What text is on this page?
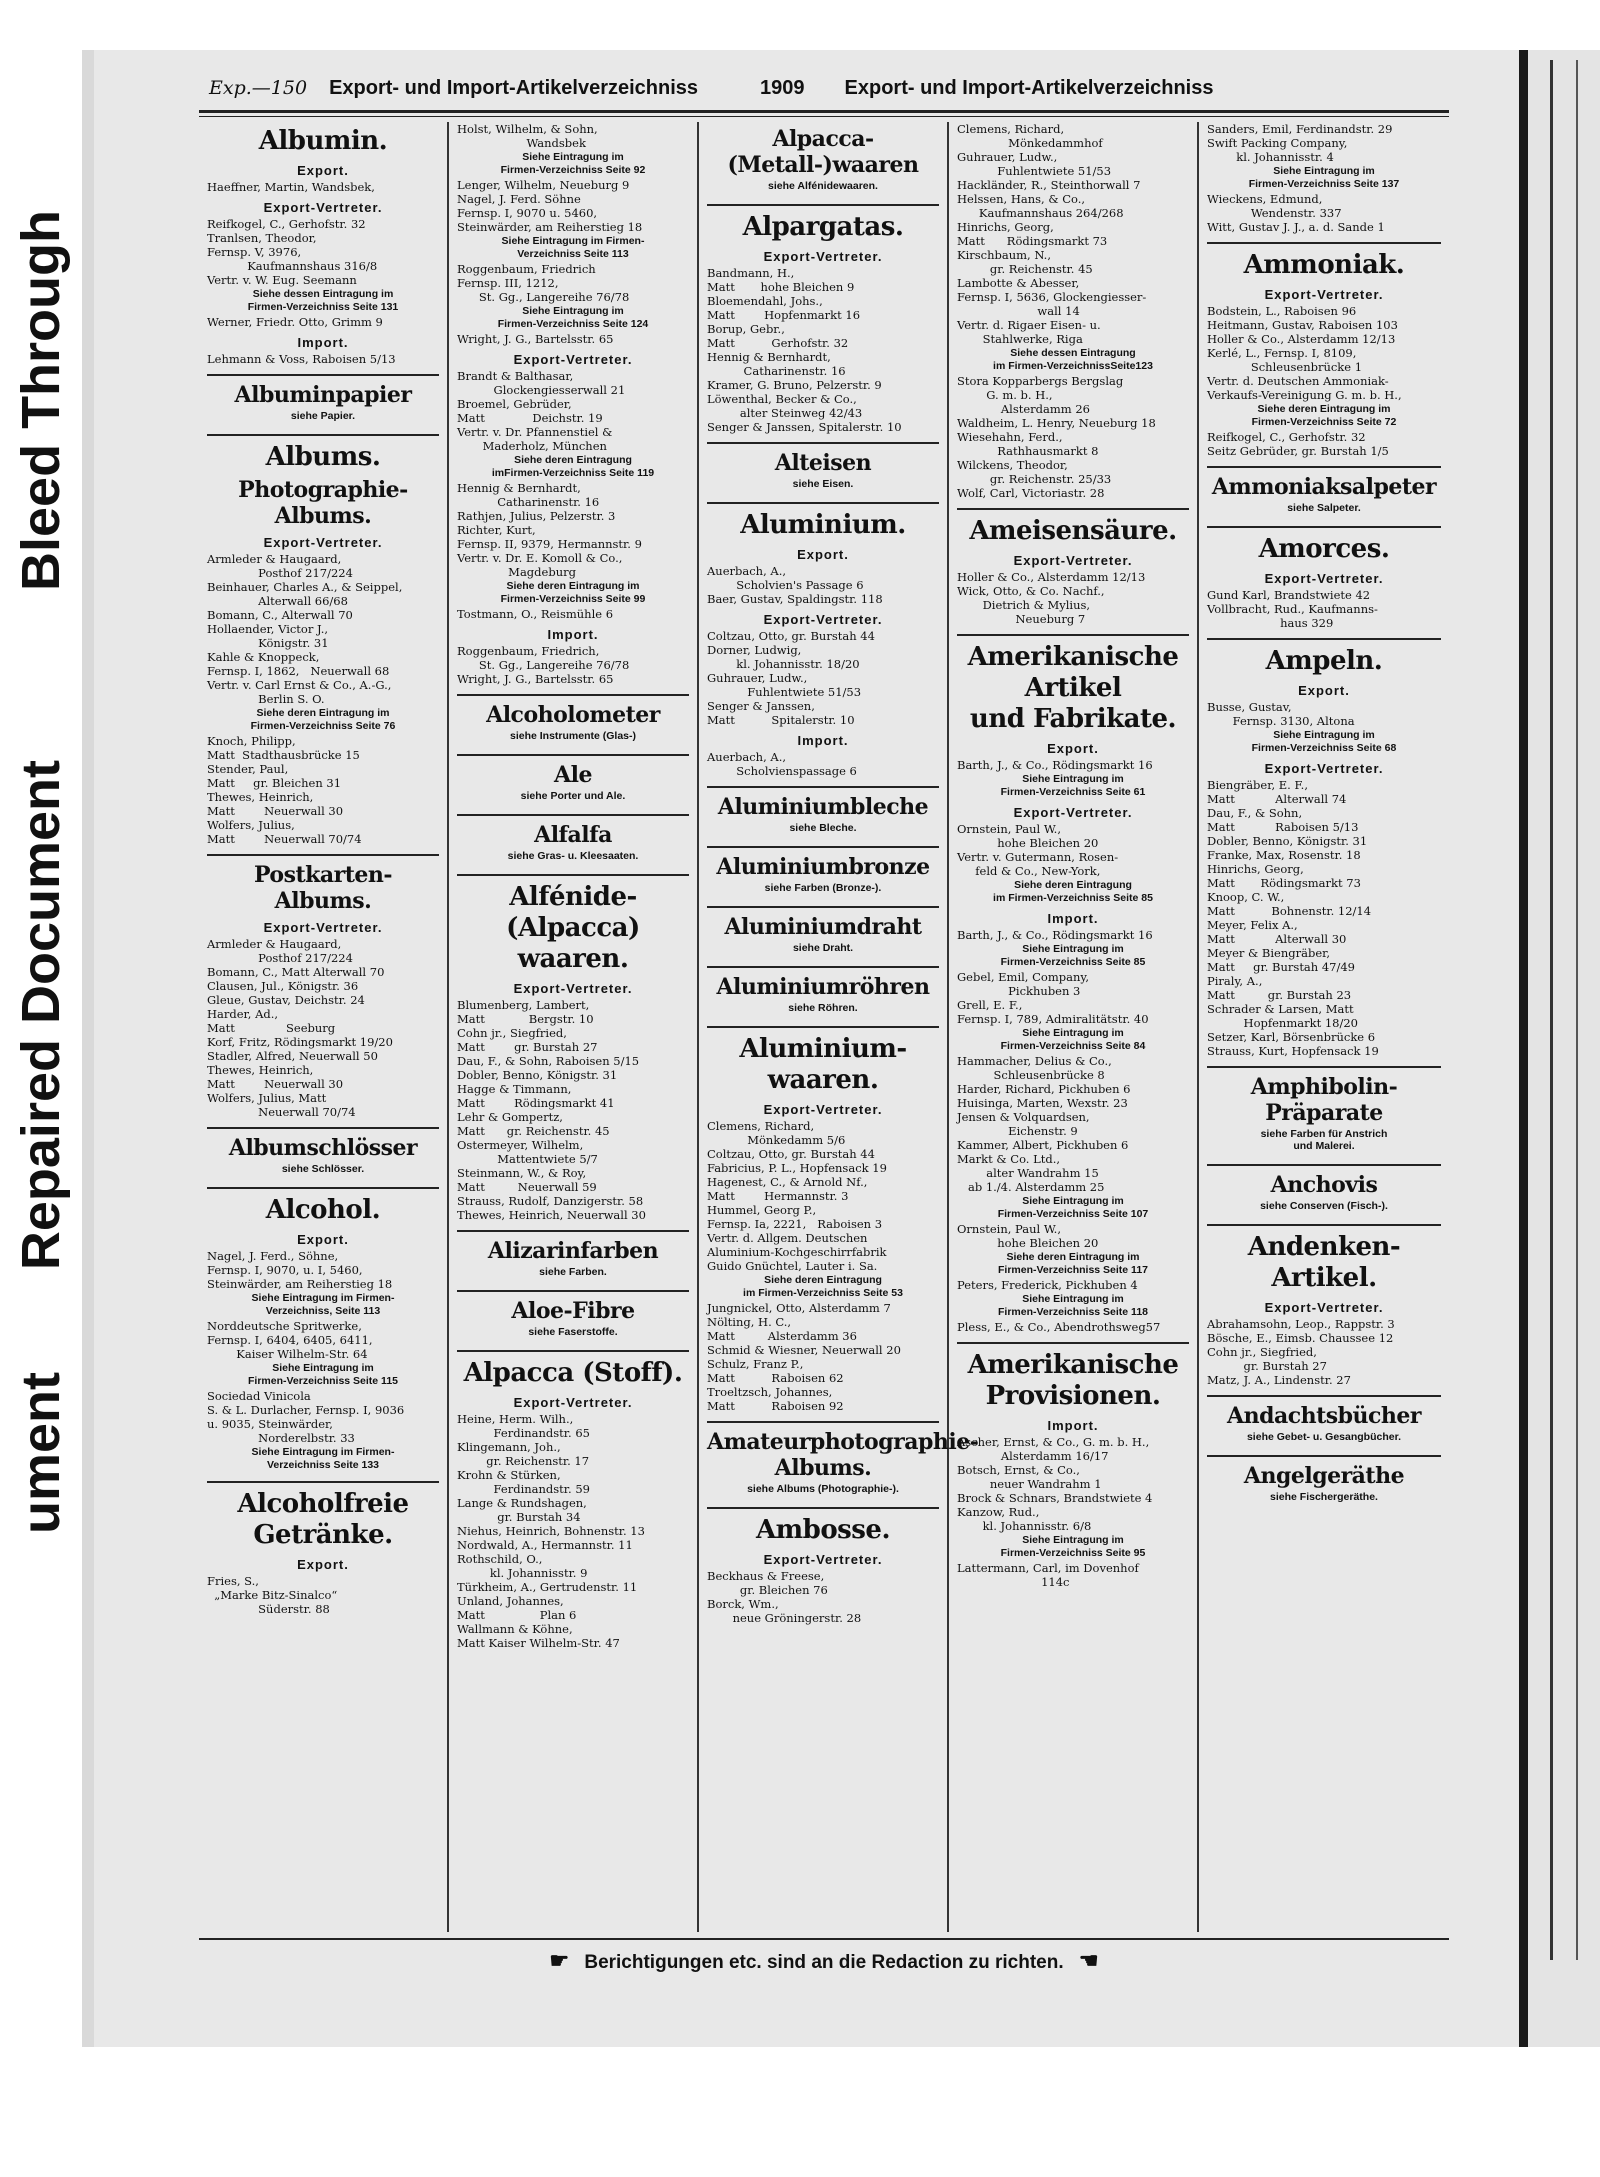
Bleed Through
Repaired Document
ument
Exp.—150 Export- und Import-Artikelverzeichniss	1909 Export- und Import-Artikelverzeichniss
Albumin.
Export.
Haeffner, Martin, Wandsbek,
Export-Vertreter.
Reifkogel, C., Gerhofstr. 32
Tranlsen, Theodor,
Fernsp. V, 3976,
Kaufmannshaus 316/8
Vertr. v. W. Eug. Seemann
Siehe dessen Eintragung im
Firmen-Verzeichniss Seite 131
Werner, Friedr. Otto, Grimm 9
Import.
Lehmann & Voss, Raboisen 5/13
Albuminpapier
siehe Papier.
Albums.
Photographie-Albums.
Export-Vertreter.
Armleder & Haugaard,
Posthof 217/224
Beinhauer, Charles A., & Seippel,
Alterwall 66/68
Bomann, C., Alterwall 70
Hollaender, Victor J.,
Königstr. 31
Kahle & Knoppeck,
Fernsp. I, 1862,   Neuerwall 68
Vertr. v. Carl Ernst & Co., A.-G.,
Berlin S. O.
Siehe deren Eintragung im
Firmen-Verzeichniss Seite 76
Knoch, Philipp,
Matt  Stadthausbrücke 15
Stender, Paul,
Matt     gr. Bleichen 31
Thewes, Heinrich,
Matt        Neuerwall 30
Wolfers, Julius,
Matt        Neuerwall 70/74
Postkarten-Albums.
Export-Vertreter.
Armleder & Haugaard,
Posthof 217/224
Bomann, C., Matt Alterwall 70
Clausen, Jul., Königstr. 36
Gleue, Gustav, Deichstr. 24
Harder, Ad.,
Matt              Seeburg
Korf, Fritz, Rödingsmarkt 19/20
Stadler, Alfred, Neuerwall 50
Thewes, Heinrich,
Matt        Neuerwall 30
Wolfers, Julius, Matt
Neuerwall 70/74
Albumschlösser
siehe Schlösser.
Alcohol.
Export.
Nagel, J. Ferd., Söhne,
Fernsp. I, 9070, u. I, 5460,
Steinwärder, am Reiherstieg 18
Siehe Eintragung im Firmen-
Verzeichniss, Seite 113
Norddeutsche Spritwerke,
Fernsp. I, 6404, 6405, 6411,
Kaiser Wilhelm-Str. 64
Siehe Eintragung im
Firmen-Verzeichniss Seite 115
Sociedad Vinicola
S. & L. Durlacher, Fernsp. I, 9036
u. 9035, Steinwärder,
Norderelbstr. 33
Siehe Eintragung im Firmen-
Verzeichniss Seite 133
Alcoholfreie
Getränke.
Export.
Fries, S.,
„Marke Bitz-Sinalco“
Süderstr. 88
Holst, Wilhelm, & Sohn,
Wandsbek
Siehe Eintragung im
Firmen-Verzeichniss Seite 92
Lenger, Wilhelm, Neueburg 9
Nagel, J. Ferd. Söhne
Fernsp. I, 9070 u. 5460,
Steinwärder, am Reiherstieg 18
Siehe Eintragung im Firmen-
Verzeichniss Seite 113
Roggenbaum, Friedrich
Fernsp. III, 1212,
St. Gg., Langereihe 76/78
Siehe Eintragung im
Firmen-Verzeichniss Seite 124
Wright, J. G., Bartelsstr. 65
Export-Vertreter.
Brandt & Balthasar,
Glockengiesserwall 21
Broemel, Gebrüder,
Matt             Deichstr. 19
Vertr. v. Dr. Pfannenstiel &
Maderholz, München
Siehe deren Eintragung
imFirmen-Verzeichniss Seite 119
Hennig & Bernhardt,
Catharinenstr. 16
Rathjen, Julius, Pelzerstr. 3
Richter, Kurt,
Fernsp. II, 9379, Hermannstr. 9
Vertr. v. Dr. E. Komoll & Co.,
Magdeburg
Siehe deren Eintragung im
Firmen-Verzeichniss Seite 99
Tostmann, O., Reismühle 6
Import.
Roggenbaum, Friedrich,
St. Gg., Langereihe 76/78
Wright, J. G., Bartelsstr. 65
Alcoholometer
siehe Instrumente (Glas-)
Ale
siehe Porter und Ale.
Alfalfa
siehe Gras- u. Kleesaaten.
Alfénide- (Alpacca)
waaren.
Export-Vertreter.
Blumenberg, Lambert,
Matt            Bergstr. 10
Cohn jr., Siegfried,
Matt        gr. Burstah 27
Dau, F., & Sohn, Raboisen 5/15
Dobler, Benno, Königstr. 31
Hagge & Timmann,
Matt        Rödingsmarkt 41
Lehr & Gompertz,
Matt      gr. Reichenstr. 45
Ostermeyer, Wilhelm,
Mattentwiete 5/7
Steinmann, W., & Roy,
Matt         Neuerwall 59
Strauss, Rudolf, Danzigerstr. 58
Thewes, Heinrich, Neuerwall 30
Alizarinfarben
siehe Farben.
Aloe-Fibre
siehe Faserstoffe.
Alpacca (Stoff).
Export-Vertreter.
Heine, Herm. Wilh.,
Ferdinandstr. 65
Klingemann, Joh.,
gr. Reichenstr. 17
Krohn & Stürken,
Ferdinandstr. 59
Lange & Rundshagen,
gr. Burstah 34
Niehus, Heinrich, Bohnenstr. 13
Nordwald, A., Hermannstr. 11
Rothschild, O.,
kl. Johannisstr. 9
Türkheim, A., Gertrudenstr. 11
Unland, Johannes,
Matt               Plan 6
Wallmann & Köhne,
Matt Kaiser Wilhelm-Str. 47
Alpacca-
(Metall-)waaren
siehe Alfénidewaaren.
Alpargatas.
Export-Vertreter.
Bandmann, H.,
Matt       hohe Bleichen 9
Bloemendahl, Johs.,
Matt        Hopfenmarkt 16
Borup, Gebr.,
Matt          Gerhofstr. 32
Hennig & Bernhardt,
Catharinenstr. 16
Kramer, G. Bruno, Pelzerstr. 9
Löwenthal, Becker & Co.,
alter Steinweg 42/43
Senger & Janssen, Spitalerstr. 10
Alteisen
siehe Eisen.
Aluminium.
Export.
Auerbach, A.,
Scholvien's Passage 6
Baer, Gustav, Spaldingstr. 118
Export-Vertreter.
Coltzau, Otto, gr. Burstah 44
Dorner, Ludwig,
kl. Johannisstr. 18/20
Guhrauer, Ludw.,
Fuhlentwiete 51/53
Senger & Janssen,
Matt          Spitalerstr. 10
Import.
Auerbach, A.,
Scholvienspassage 6
Aluminiumbleche
siehe Bleche.
Aluminiumbronze
siehe Farben (Bronze-).
Aluminiumdraht
siehe Draht.
Aluminiumröhren
siehe Röhren.
Aluminium-
waaren.
Export-Vertreter.
Clemens, Richard,
Mönkedamm 5/6
Coltzau, Otto, gr. Burstah 44
Fabricius, P. L., Hopfensack 19
Hagenest, C., & Arnold Nf.,
Matt        Hermannstr. 3
Hummel, Georg P.,
Fernsp. Ia, 2221,   Raboisen 3
Vertr. d. Allgem. Deutschen
Aluminium-Kochgeschirrfabrik
Guido Gnüchtel, Lauter i. Sa.
Siehe deren Eintragung
im Firmen-Verzeichniss Seite 53
Jungnickel, Otto, Alsterdamm 7
Nölting, H. C.,
Matt         Alsterdamm 36
Schmid & Wiesner, Neuerwall 20
Schulz, Franz P.,
Matt          Raboisen 62
Troeltzsch, Johannes,
Matt          Raboisen 92
Amateurphotographie-
Albums.
siehe Albums (Photographie-).
Ambosse.
Export-Vertreter.
Beckhaus & Freese,
gr. Bleichen 76
Borck, Wm.,
neue Gröningerstr. 28
Clemens, Richard,
Mönkedammhof
Guhrauer, Ludw.,
Fuhlentwiete 51/53
Hackländer, R., Steinthorwall 7
Helssen, Hans, & Co.,
Kaufmannshaus 264/268
Hinrichs, Georg,
Matt      Rödingsmarkt 73
Kirschbaum, N.,
gr. Reichenstr. 45
Lambotte & Abesser,
Fernsp. I, 5636, Glockengiesser-
wall 14
Vertr. d. Rigaer Eisen- u.
Stahlwerke, Riga
Siehe dessen Eintragung
im Firmen-VerzeichnissSeite123
Stora Kopparbergs Bergslag
G. m. b. H.,
Alsterdamm 26
Waldheim, L. Henry, Neueburg 18
Wiesehahn, Ferd.,
Rathhausmarkt 8
Wilckens, Theodor,
gr. Reichenstr. 25/33
Wolf, Carl, Victoriastr. 28
Ameisensäure.
Export-Vertreter.
Holler & Co., Alsterdamm 12/13
Wick, Otto, & Co. Nachf.,
Dietrich & Mylius,
Neueburg 7
Amerikanische
Artikel
und Fabrikate.
Export.
Barth, J., & Co., Rödingsmarkt 16
Siehe Eintragung im
Firmen-Verzeichniss Seite 61
Export-Vertreter.
Ornstein, Paul W.,
hohe Bleichen 20
Vertr. v. Gutermann, Rosen-
feld & Co., New-York,
Siehe deren Eintragung
im Firmen-Verzeichniss Seite 85
Import.
Barth, J., & Co., Rödingsmarkt 16
Siehe Eintragung im
Firmen-Verzeichniss Seite 85
Gebel, Emil, Company,
Pickhuben 3
Grell, E. F.,
Fernsp. I, 789, Admiralitätstr. 40
Siehe Eintragung im
Firmen-Verzeichniss Seite 84
Hammacher, Delius & Co.,
Schleusenbrücke 8
Harder, Richard, Pickhuben 6
Huisinga, Marten, Wexstr. 23
Jensen & Volquardsen,
Eichenstr. 9
Kammer, Albert, Pickhuben 6
Markt & Co. Ltd.,
alter Wandrahm 15
ab 1./4. Alsterdamm 25
Siehe Eintragung im
Firmen-Verzeichniss Seite 107
Ornstein, Paul W.,
hohe Bleichen 20
Siehe deren Eintragung im
Firmen-Verzeichniss Seite 117
Peters, Frederick, Pickhuben 4
Siehe Eintragung im
Firmen-Verzeichniss Seite 118
Pless, E., & Co., Abendrothsweg57
Amerikanische
Provisionen.
Import.
Ascher, Ernst, & Co., G. m. b. H.,
Alsterdamm 16/17
Botsch, Ernst, & Co.,
neuer Wandrahm 1
Brock & Schnars, Brandstwiete 4
Kanzow, Rud.,
kl. Johannisstr. 6/8
Siehe Eintragung im
Firmen-Verzeichniss Seite 95
Lattermann, Carl, im Dovenhof
114c
Sanders, Emil, Ferdinandstr. 29
Swift Packing Company,
kl. Johannisstr. 4
Siehe Eintragung im
Firmen-Verzeichniss Seite 137
Wieckens, Edmund,
Wendenstr. 337
Witt, Gustav J. J., a. d. Sande 1
Ammoniak.
Export-Vertreter.
Bodstein, L., Raboisen 96
Heitmann, Gustav, Raboisen 103
Holler & Co., Alsterdamm 12/13
Kerlé, L., Fernsp. I, 8109,
Schleusenbrücke 1
Vertr. d. Deutschen Ammoniak-
Verkaufs-Vereinigung G. m. b. H.,
Siehe deren Eintragung im
Firmen-Verzeichniss Seite 72
Reifkogel, C., Gerhofstr. 32
Seitz Gebrüder, gr. Burstah 1/5
Ammoniaksalpeter
siehe Salpeter.
Amorces.
Export-Vertreter.
Gund Karl, Brandstwiete 42
Vollbracht, Rud., Kaufmanns-
haus 329
Ampeln.
Export.
Busse, Gustav,
Fernsp. 3130, Altona
Siehe Eintragung im
Firmen-Verzeichniss Seite 68
Export-Vertreter.
Biengräber, E. F.,
Matt           Alterwall 74
Dau, F., & Sohn,
Matt           Raboisen 5/13
Dobler, Benno, Königstr. 31
Franke, Max, Rosenstr. 18
Hinrichs, Georg,
Matt       Rödingsmarkt 73
Knoop, C. W.,
Matt          Bohnenstr. 12/14
Meyer, Felix A.,
Matt           Alterwall 30
Meyer & Biengräber,
Matt     gr. Burstah 47/49
Piraly, A.,
Matt         gr. Burstah 23
Schrader & Larsen, Matt
Hopfenmarkt 18/20
Setzer, Karl, Börsenbrücke 6
Strauss, Kurt, Hopfensack 19
Amphibolin-Präparate
siehe Farben für Anstrich
und Malerei.
Anchovis
siehe Conserven (Fisch-).
Andenken-Artikel.
Export-Vertreter.
Abrahamsohn, Leop., Rappstr. 3
Bösche, E., Eimsb. Chaussee 12
Cohn jr., Siegfried,
gr. Burstah 27
Matz, J. A., Lindenstr. 27
Andachtsbücher
siehe Gebet- u. Gesangbücher.
Angelgeräthe
siehe Fischergeräthe.
☛ Berichtigungen etc. sind an die Redaction zu richten. ☚
